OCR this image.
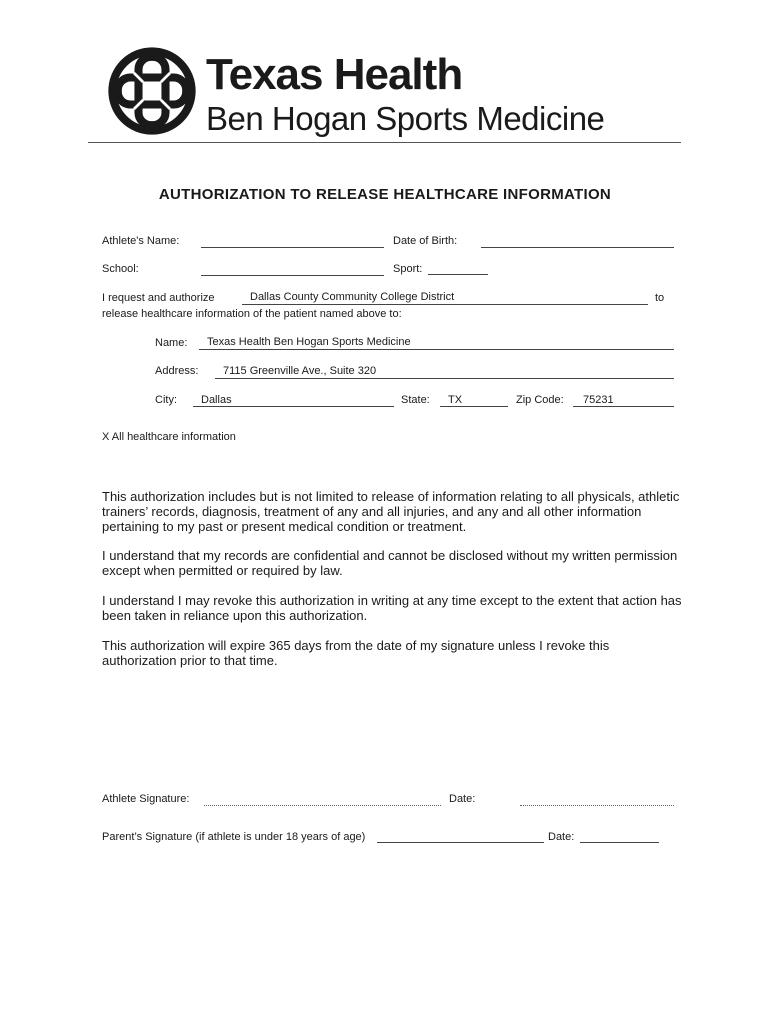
Texas Health
Ben Hogan Sports Medicine
AUTHORIZATION TO RELEASE HEALTHCARE INFORMATION
Athlete's Name:	Date of Birth:
School:	Sport:
I request and authorize	Dallas County Community College District	to
release healthcare information of the patient named above to:
Name: Texas Health Ben Hogan Sports Medicine
Address: 7115 Greenville Ave., Suite 320
City: Dallas	State: TX	Zip Code: 75231
X All healthcare information
This authorization includes but is not limited to release of information relating to all physicals, athletic trainers’ records, diagnosis, treatment of any and all injuries, and any and all other information pertaining to my past or present medical condition or treatment.
I understand that my records are confidential and cannot be disclosed without my written permission except when permitted or required by law.
I understand I may revoke this authorization in writing at any time except to the extent that action has been taken in reliance upon this authorization.
This authorization will expire 365 days from the date of my signature unless I revoke this authorization prior to that time.
Athlete Signature:	Date:
Parent’s Signature (if athlete is under 18 years of age)	Date:
